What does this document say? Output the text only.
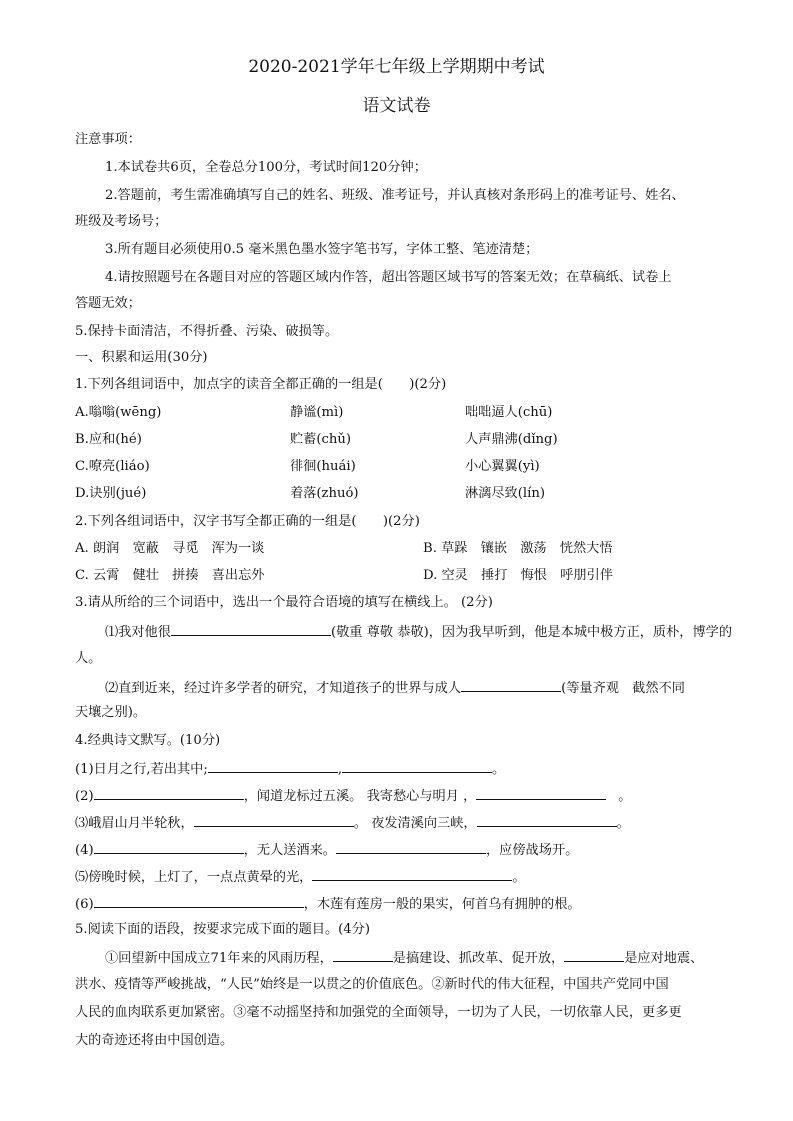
2020-2021学年七年级上学期期中考试
语文试卷
注意事项：
1.本试卷共6页，全卷总分100分，考试时间120分钟；
2.答题前，考生需准确填写自己的姓名、班级、准考证号，并认真核对条形码上的准考证号、姓名、
班级及考场号；
3.所有题目必须使用0.5 毫米黑色墨水签字笔书写，字体工整、笔迹清楚；
4.请按照题号在各题目对应的答题区域内作答，超出答题区域书写的答案无效；在草稿纸、试卷上
答题无效；
5.保持卡面清洁，不得折叠、污染、破损等。
一、积累和运用(30分)
1.下列各组词语中，加点字的读音全都正确的一组是(　　)(2分)
A.嗡嗡(wēng)	静谧(mì)	咄咄逼人(chū)
B.应和(hé)	贮蓄(chǔ)	人声鼎沸(dǐng)
C.嘹亮(liáo)	徘徊(huái)	小心翼翼(yì)
D.诀别(jué)	着落(zhuó)	淋漓尽致(lín)
2.下列各组词语中，汉字书写全都正确的一组是(　　)(2分)
A. 朗润　宽蔽　寻觅　浑为一谈	B. 草跺　镶嵌　激荡　恍然大悟
C. 云霄　健壮　拼揍　喜出忘外	D. 空灵　捶打　悔恨　呼朋引伴
3.请从所给的三个词语中，选出一个最符合语境的填写在横线上。 (2分)
⑴我对他很	(敬重 尊敬 恭敬)，因为我早听到，他是本城中极方正，质朴，博学的
人。
⑵直到近来，经过许多学者的研究，才知道孩子的世界与成人	(等量齐观　截然不同
天壤之别)。
4.经典诗文默写。(10分)
(1)日月之行,若出其中;	,	。
(2)	，闻道龙标过五溪。 我寄愁心与明月 ，	。
⑶峨眉山月半轮秋，	。 夜发清溪向三峡，	。
(4)	，无人送酒来。	，应傍战场开。
⑸傍晚时候，上灯了，一点点黄晕的光，	。
(6)	，木莲有莲房一般的果实，何首乌有拥肿的根。
5.阅读下面的语段，按要求完成下面的题目。(4分)
①回望新中国成立71年来的风雨历程，	是搞建设、抓改革、促开放，	是应对地震、
洪水、疫情等严峻挑战，“人民”始终是一以贯之的价值底色。②新时代的伟大征程，中国共产党同中国
人民的血肉联系更加紧密。③毫不动摇坚持和加强党的全面领导，一切为了人民，一切依靠人民，更多更
大的奇迹还将由中国创造。
